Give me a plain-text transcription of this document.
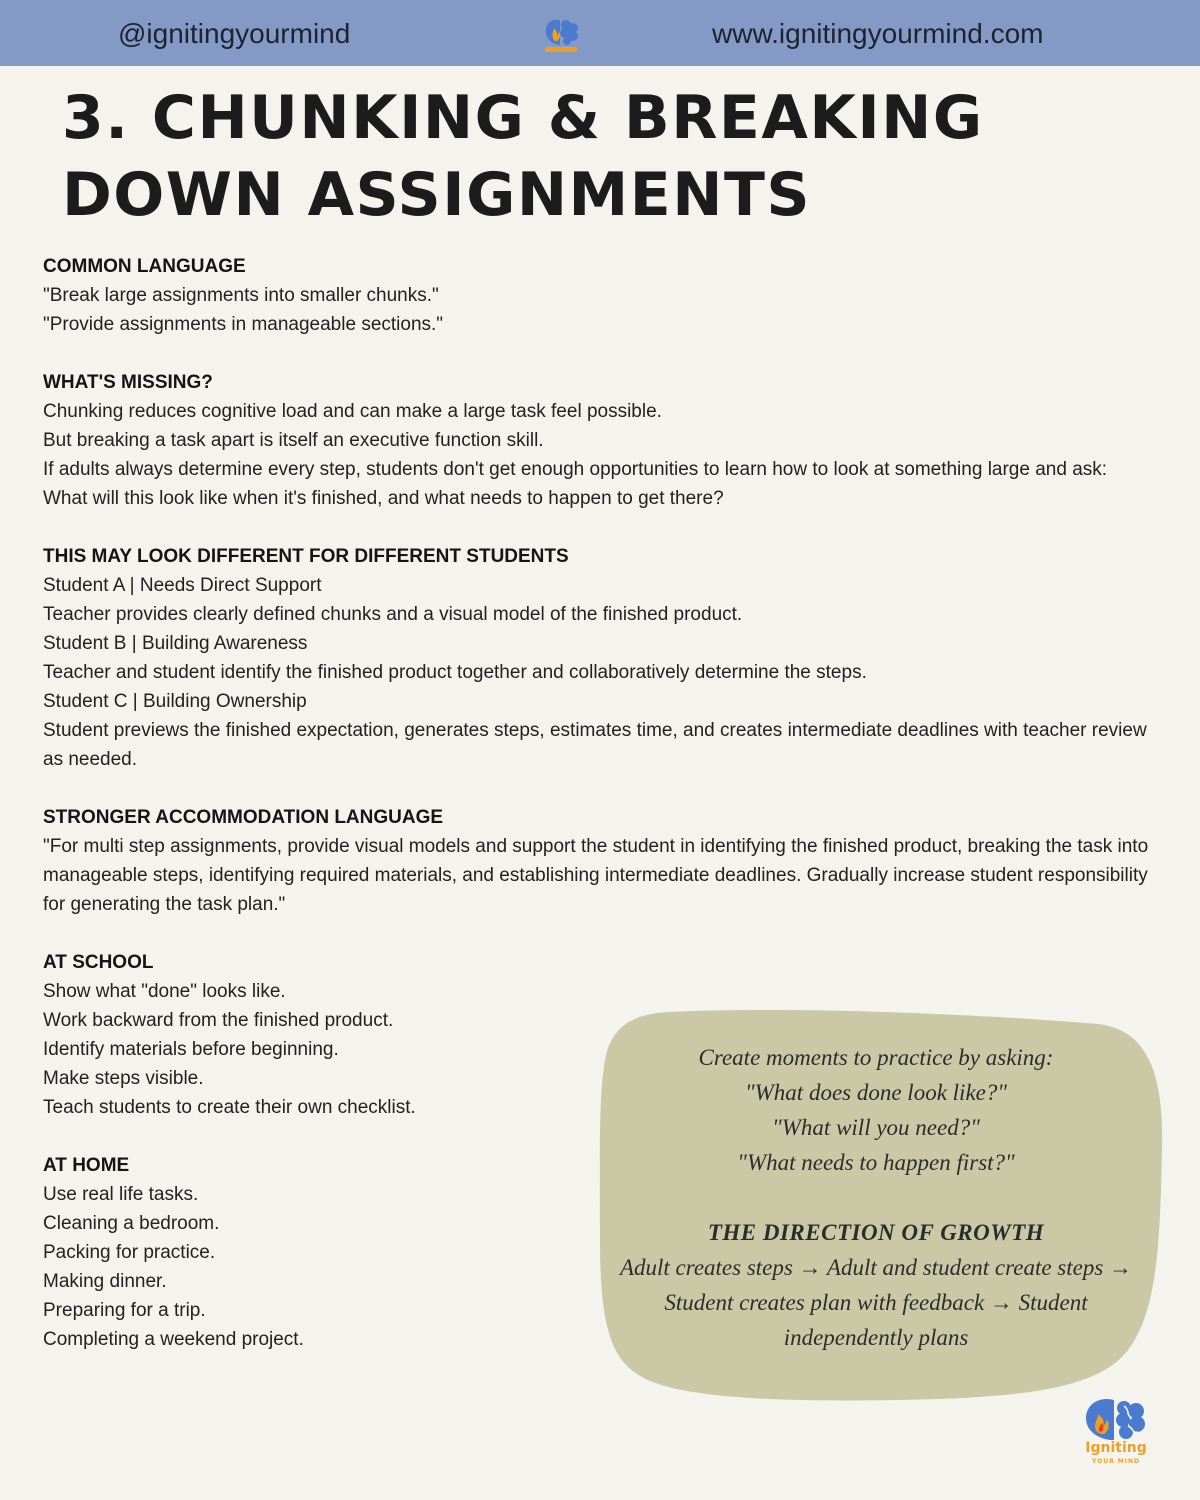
@ignitingyourmind	www.ignitingyourmind.com
3. CHUNKING & BREAKING
DOWN ASSIGNMENTS
COMMON LANGUAGE
"Break large assignments into smaller chunks."
"Provide assignments in manageable sections."
WHAT'S MISSING?
Chunking reduces cognitive load and can make a large task feel possible.
But breaking a task apart is itself an executive function skill.
If adults always determine every step, students don't get enough opportunities to learn how to look at something large and ask:
What will this look like when it's finished, and what needs to happen to get there?
THIS MAY LOOK DIFFERENT FOR DIFFERENT STUDENTS
Student A | Needs Direct Support
Teacher provides clearly defined chunks and a visual model of the finished product.
Student B | Building Awareness
Teacher and student identify the finished product together and collaboratively determine the steps.
Student C | Building Ownership
Student previews the finished expectation, generates steps, estimates time, and creates intermediate deadlines with teacher review as needed.
STRONGER ACCOMMODATION LANGUAGE
"For multi step assignments, provide visual models and support the student in identifying the finished product, breaking the task into manageable steps, identifying required materials, and establishing intermediate deadlines. Gradually increase student responsibility for generating the task plan."
AT SCHOOL
Show what "done" looks like.
Work backward from the finished product.
Identify materials before beginning.
Make steps visible.
Teach students to create their own checklist.
AT HOME
Use real life tasks.
Cleaning a bedroom.
Packing for practice.
Making dinner.
Preparing for a trip.
Completing a weekend project.
Create moments to practice by asking:
"What does done look like?"
"What will you need?"
"What needs to happen first?"
THE DIRECTION OF GROWTH
Adult creates steps → Adult and student create steps → Student creates plan with feedback → Student independently plans
Igniting
YOUR MIND
